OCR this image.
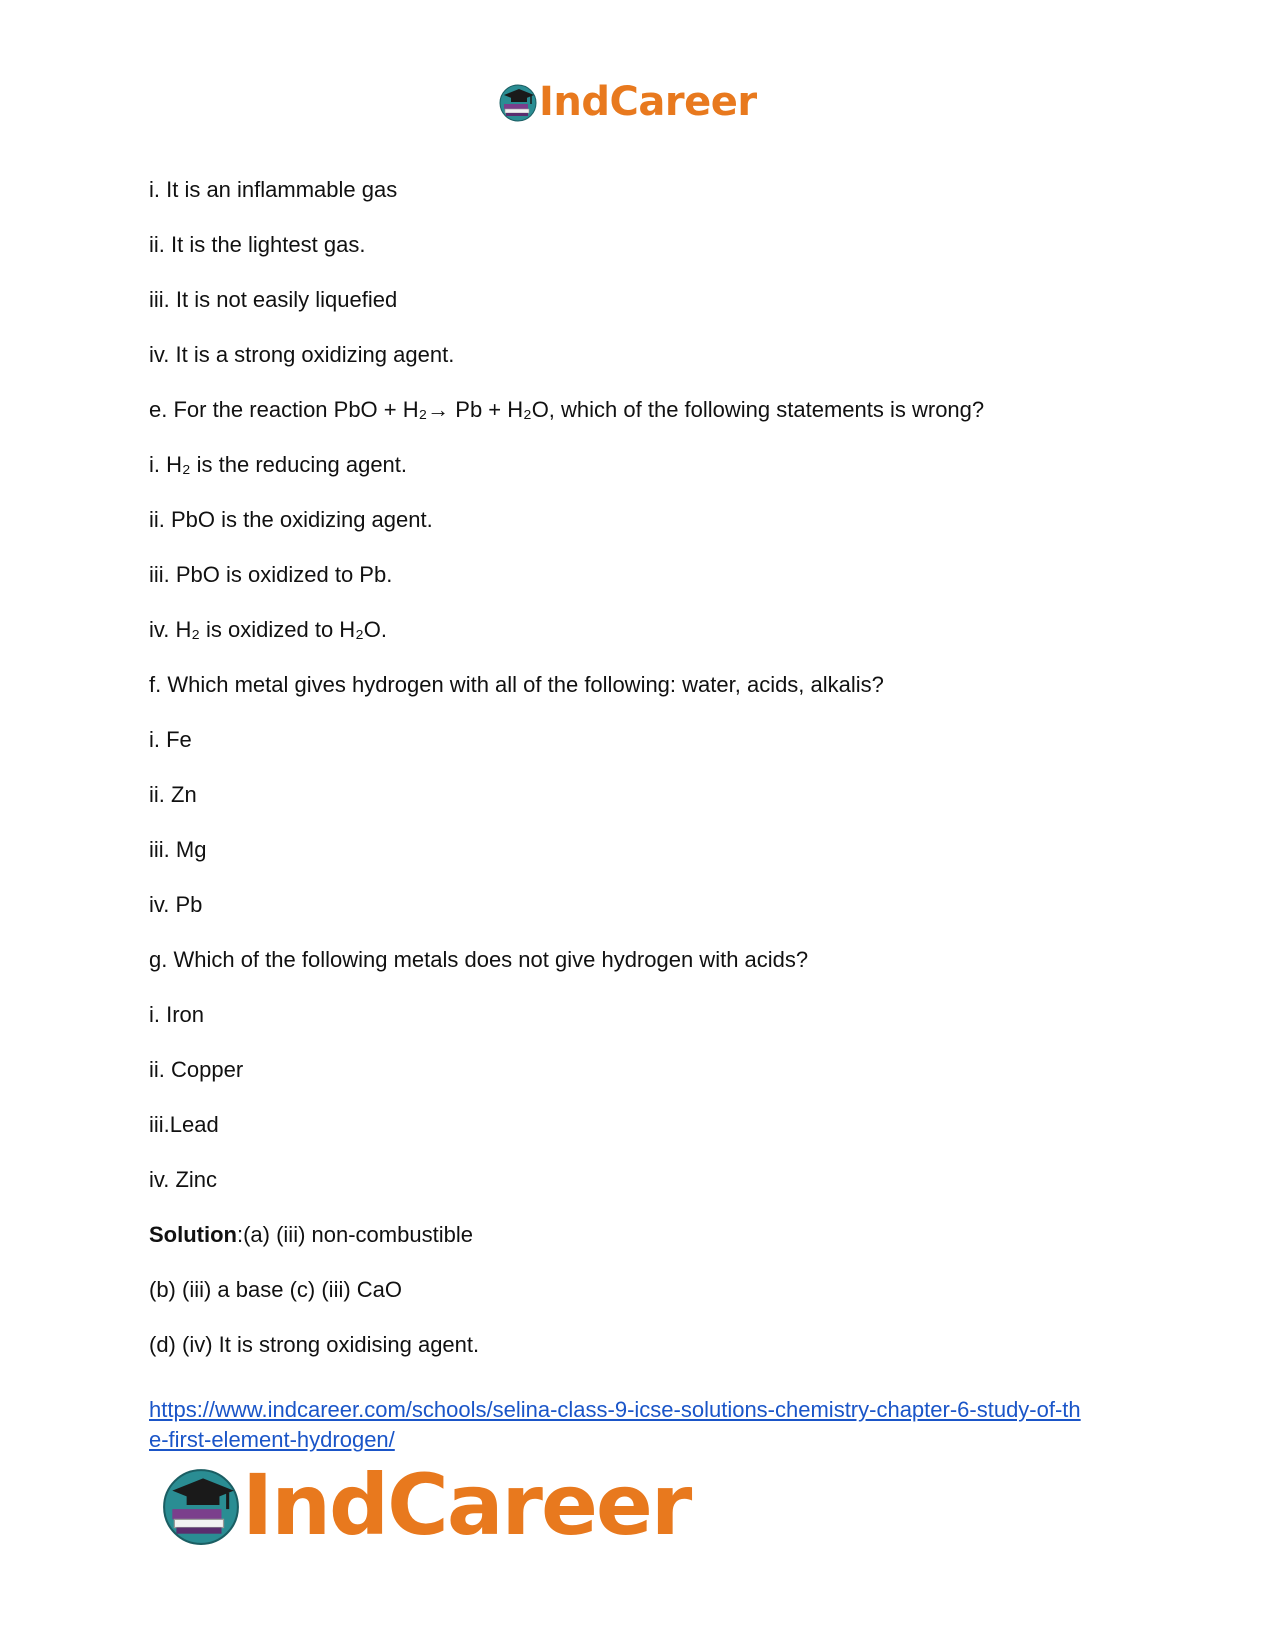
IndCareer
i. It is an inflammable gas
ii. It is the lightest gas.
iii. It is not easily liquefied
iv. It is a strong oxidizing agent.
e. For the reaction PbO + H₂→ Pb + H₂O, which of the following statements is wrong?
i. H₂ is the reducing agent.
ii. PbO is the oxidizing agent.
iii. PbO is oxidized to Pb.
iv. H₂ is oxidized to H₂O.
f. Which metal gives hydrogen with all of the following: water, acids, alkalis?
i. Fe
ii. Zn
iii. Mg
iv. Pb
g. Which of the following metals does not give hydrogen with acids?
i. Iron
ii. Copper
iii.Lead
iv. Zinc
Solution:(a) (iii) non-combustible
(b) (iii) a base (c) (iii) CaO
(d) (iv) It is strong oxidising agent.
https://www.indcareer.com/schools/selina-class-9-icse-solutions-chemistry-chapter-6-study-of-th
e-first-element-hydrogen/
IndCareer
